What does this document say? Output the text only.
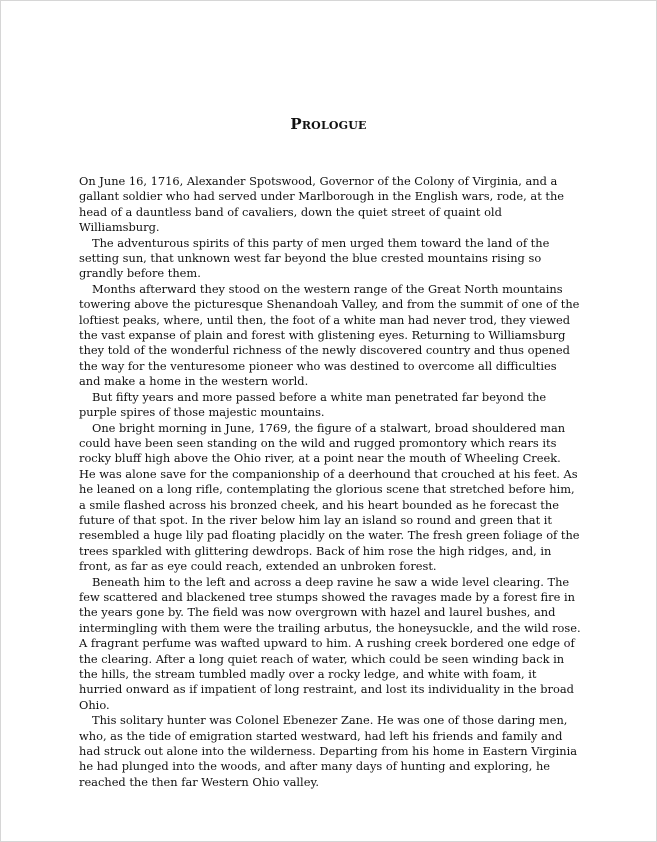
Prologue

On June 16, 1716, Alexander Spotswood, Governor of the Colony of Virginia, and a gallant soldier who had served under Marlborough in the English wars, rode, at the head of a dauntless band of cavaliers, down the quiet street of quaint old Williamsburg.

The adventurous spirits of this party of men urged them toward the land of the setting sun, that unknown west far beyond the blue crested mountains rising so grandly before them.

Months afterward they stood on the western range of the Great North mountains towering above the picturesque Shenandoah Valley, and from the summit of one of the loftiest peaks, where, until then, the foot of a white man had never trod, they viewed the vast expanse of plain and forest with glistening eyes. Returning to Williamsburg they told of the wonderful richness of the newly discovered country and thus opened the way for the venturesome pioneer who was destined to overcome all difficulties and make a home in the western world.

But fifty years and more passed before a white man penetrated far beyond the purple spires of those majestic mountains.

One bright morning in June, 1769, the figure of a stalwart, broad shouldered man could have been seen standing on the wild and rugged promontory which rears its rocky bluff high above the Ohio river, at a point near the mouth of Wheeling Creek. He was alone save for the companionship of a deerhound that crouched at his feet. As he leaned on a long rifle, contemplating the glorious scene that stretched before him, a smile flashed across his bronzed cheek, and his heart bounded as he forecast the future of that spot. In the river below him lay an island so round and green that it resembled a huge lily pad floating placidly on the water. The fresh green foliage of the trees sparkled with glittering dewdrops. Back of him rose the high ridges, and, in front, as far as eye could reach, extended an unbroken forest.

Beneath him to the left and across a deep ravine he saw a wide level clearing. The few scattered and blackened tree stumps showed the ravages made by a forest fire in the years gone by. The field was now overgrown with hazel and laurel bushes, and intermingling with them were the trailing arbutus, the honeysuckle, and the wild rose. A fragrant perfume was wafted upward to him. A rushing creek bordered one edge of the clearing. After a long quiet reach of water, which could be seen winding back in the hills, the stream tumbled madly over a rocky ledge, and white with foam, it hurried onward as if impatient of long restraint, and lost its individuality in the broad Ohio.

This solitary hunter was Colonel Ebenezer Zane. He was one of those daring men, who, as the tide of emigration started westward, had left his friends and family and had struck out alone into the wilderness. Departing from his home in Eastern Virginia he had plunged into the woods, and after many days of hunting and exploring, he reached the then far Western Ohio valley.
